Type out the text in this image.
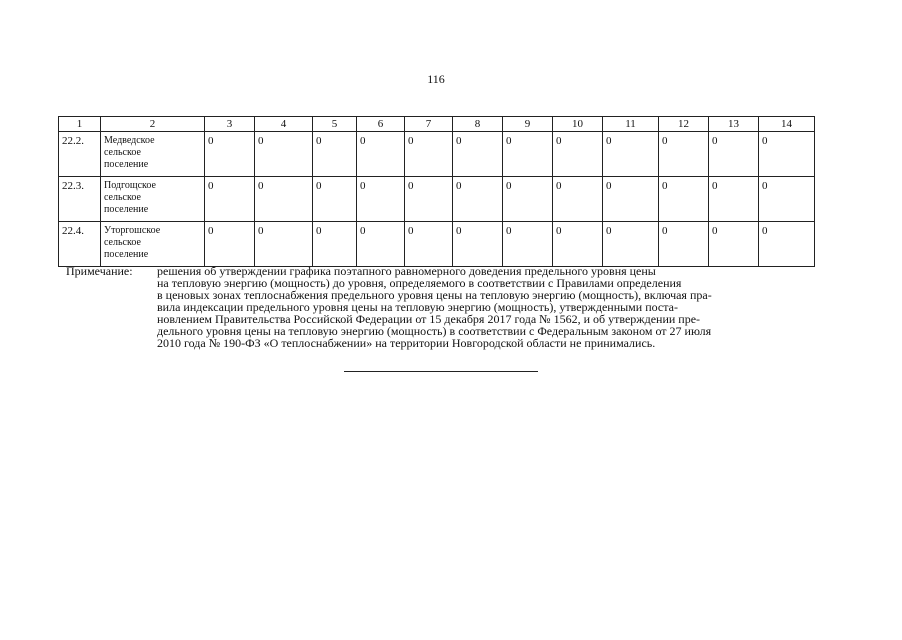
116
1	2	3	4	5	6	7	8	9	10	11	12	13	14
22.2.	Медведское
сельское
поселение	0	0	0	0	0	0	0	0	0	0	0	0
22.3.	Подгощское
сельское
поселение	0	0	0	0	0	0	0	0	0	0	0	0
22.4.	Уторгошское
сельское
поселение	0	0	0	0	0	0	0	0	0	0	0	0
Примечание: решения об утверждении графика поэтапного равномерного доведения предельного уровня цены
на тепловую энергию (мощность) до уровня, определяемого в соответствии с Правилами определения
в ценовых зонах теплоснабжения предельного уровня цены на тепловую энергию (мощность), включая пра-
вила индексации предельного уровня цены на тепловую энергию (мощность), утвержденными поста-
новлением Правительства Российской Федерации от 15 декабря 2017 года № 1562, и об утверждении пре-
дельного уровня цены на тепловую энергию (мощность) в соответствии с Федеральным законом от 27 июля
2010 года № 190-ФЗ «О теплоснабжении» на территории Новгородской области не принимались.
